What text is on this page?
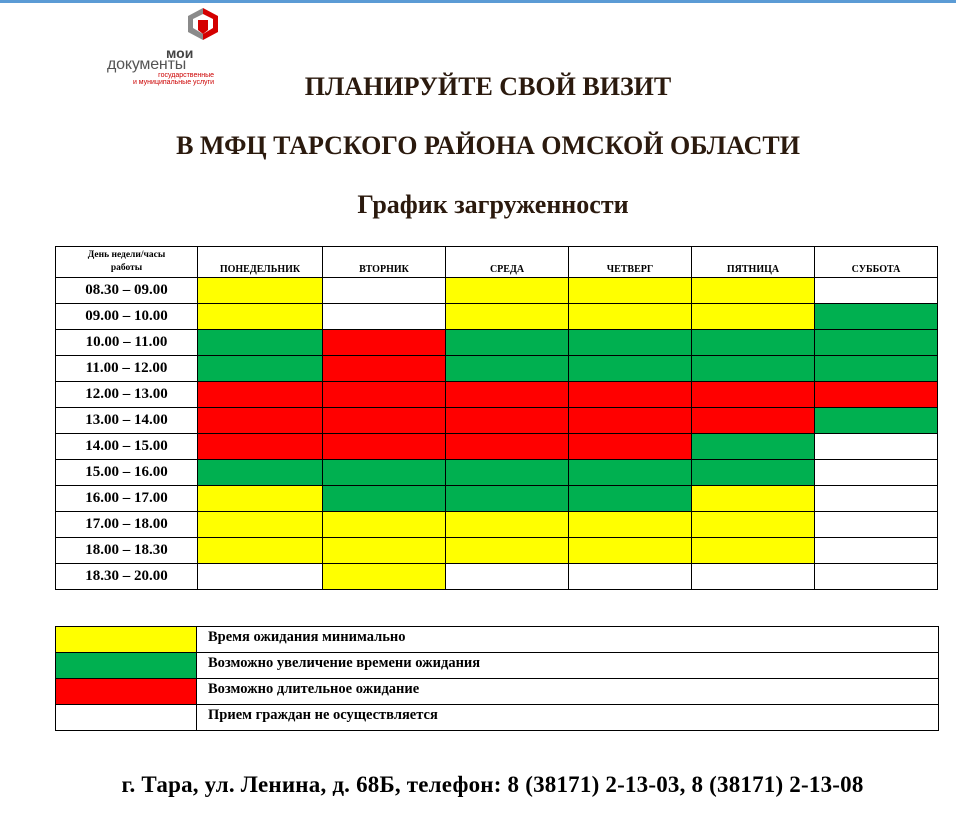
мои
документы
государственные
и муниципальные услуги	ПЛАНИРУЙТЕ СВОЙ ВИЗИТ
В МФЦ ТАРСКОГО РАЙОНА ОМСКОЙ ОБЛАСТИ
График загруженности
День недели/часы
работы	ПОНЕДЕЛЬНИК	ВТОРНИК	СРЕДА	ЧЕТВЕРГ	ПЯТНИЦА	СУББОТА
08.30 – 09.00						
09.00 – 10.00						
10.00 – 11.00						
11.00 – 12.00						
12.00 – 13.00						
13.00 – 14.00						
14.00 – 15.00						
15.00 – 16.00						
16.00 – 17.00						
17.00 – 18.00						
18.00 – 18.30						
18.30 – 20.00						
	Время ожидания минимально
	Возможно увеличение времени ожидания
	Возможно длительное ожидание
	Прием граждан не осуществляется
г. Тара, ул. Ленина, д. 68Б, телефон: 8 (38171) 2-13-03, 8 (38171) 2-13-08
